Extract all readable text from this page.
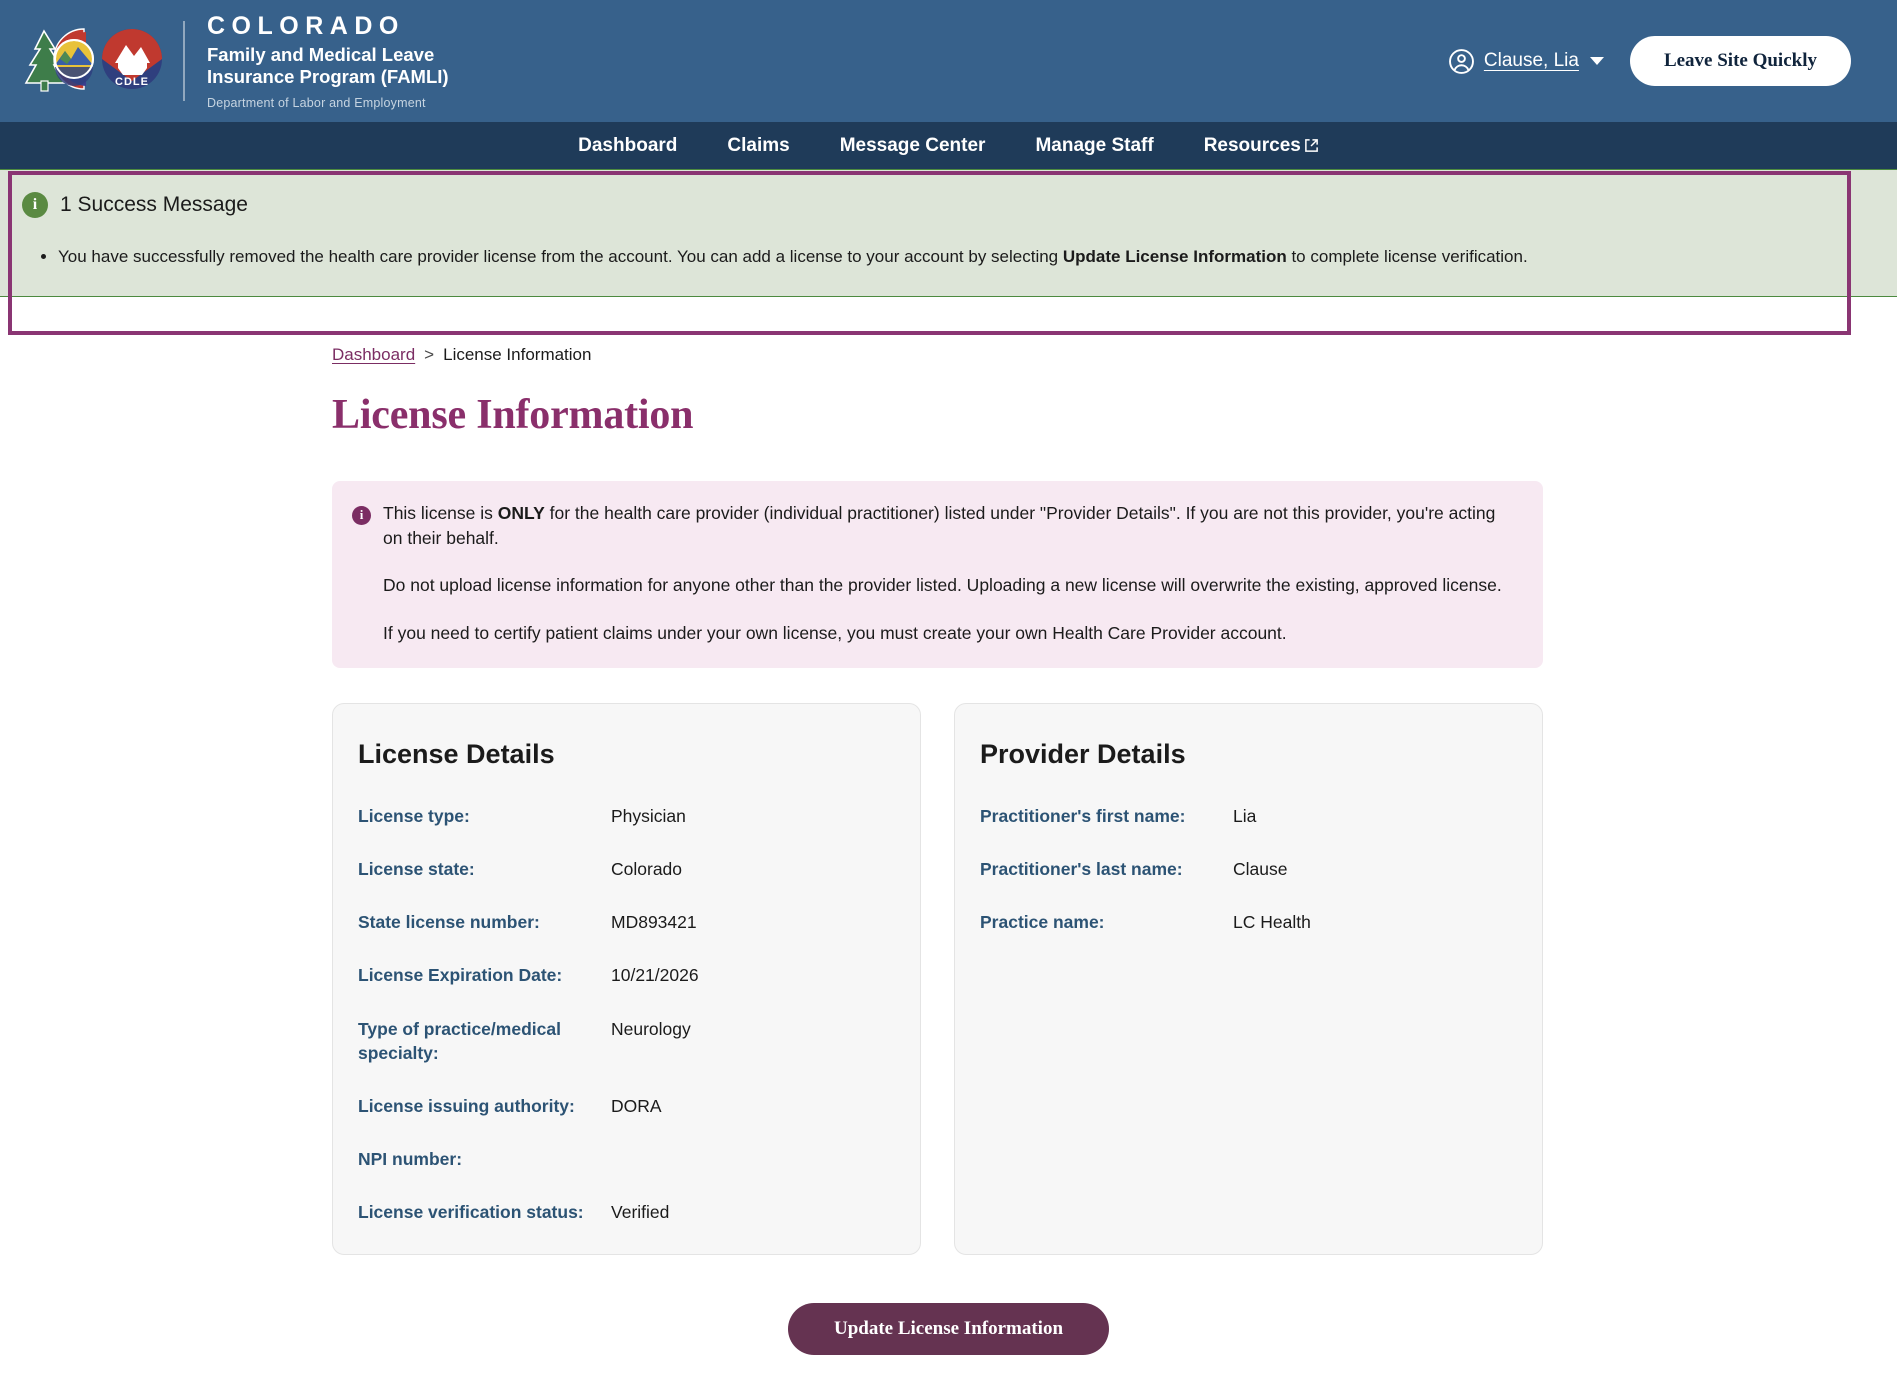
CDLE
COLORADO
Family and Medical Leave
Insurance Program (FAMLI)
Department of Labor and Employment
Clause, Lia	Leave Site Quickly
Dashboard	Claims	Message Center	Manage Staff	Resources
i	1 Success Message
• You have successfully removed the health care provider license from the account. You can add a license to your account by selecting Update License Information to complete license verification.
Dashboard > License Information
License Information
i	This license is ONLY for the health care provider (individual practitioner) listed under "Provider Details". If you are not this provider, you're acting on their behalf.

Do not upload license information for anyone other than the provider listed. Uploading a new license will overwrite the existing, approved license.

If you need to certify patient claims under your own license, you must create your own Health Care Provider account.

License Details
License type:	Physician
License state:	Colorado
State license number:	MD893421
License Expiration Date:	10/21/2026
Type of practice/medical specialty:
Neurology
License issuing authority:	DORA
NPI number:
License verification status:	Verified
Provider Details
Practitioner's first name:	Lia
Practitioner's last name:	Clause
Practice name:	LC Health
Update License Information
